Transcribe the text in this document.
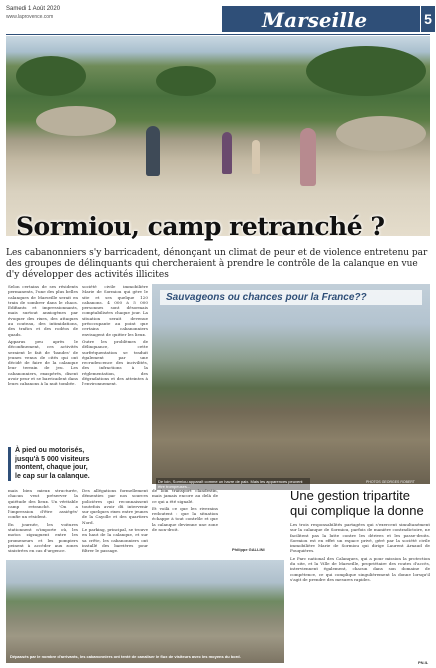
Samedi 1 Août 2020
www.laprovence.com	Marseille	5
Sormiou, camp retranché ?
Les cabanonniers s'y barricadent, dénonçant un climat de peur et de violence entretenu par des groupes de délinquants qui chercheraient à prendre le contrôle de la calanque en vue d'y développer des activités illicites

Selon certains de ses résidents permanents, l'une des plus belles calanques de Marseille serait en train de sombrer dans le chaos. Edifiants et impressionnants, mais surtout anxiogènes par évoquer des rixes, des attaques au couteau, des intimidations, des trafics et des rodéos de quads.

Apparus peu après le déconfinement, ces activités seraient le fait de 'bandes' de jeunes venus de cités qui ont décidé de faire de la calanque leur terrain de jeu. Les cabanonniers, exaspérés, disent avoir peur et se barricadent dans leurs cabanons à la nuit tombée.

société civile immobilière Marie de Sormiou qui gère le site et ses quelque 120 cabanons. 4 000 à 5 000 personnes sont désormais comptabilisées chaque jour. La situation serait devenue préoccupante au point que certains cabanonniers envisagent de quitter les lieux.

Outre les problèmes de délinquance, cette surfréquentation se traduit également par une recrudescence des incivilités, des infractions à la réglementation, des dégradations et des atteintes à l'environnement.

Sauvageons ou chances pour la France??
De loin, Sormiou apparaît comme un havre de paix. Mais les apparences peuvent être trompeuses...
PHOTOS GEORGES ROBERT
À pied ou motorisés, jusqu'à 5 000 visiteurs montent, chaque jour, le cap sur la calanque.

mais bien mieux structurée, chacun veut préserver la quiétude des lieux. Un véritable camp retranché. 'On a l'impression d'être assiégés' confie un résident.

En journée, les voitures stationnent n'importe où, les motos zigzaguent entre les promeneurs et les pompiers peinent à accéder aux zones sinistrées en cas d'urgence.

Des allégations formellement démenties par nos sources policières qui reconnaissent toutefois avoir dû intervenir sur quelques rixes entre jeunes de la Cayolle et des quartiers Nord.

Le parking, principal, se trouve en haut de la calanque, et sur sa crête, les cabanonniers ont installé des barrières pour filtrer le passage.

de loin transport clandestin, mais jamais encore au delà de ce qui a été signalé.

Et voilà ce que les riverains redoutent : que la situation échappe à tout contrôle et que la calanque devienne une zone de non-droit.

Philippe GALLINI
Une gestion tripartite qui complique la donne

Les trois responsabilités partagées qui s'exercent simultanément sur la calanque de Sormiou, parfois de manière contradictoire, ne facilitent pas la lutte contre les dérives et les passe-droits. Sormiou est en effet un espace privé, géré par la société civile immobilière Marie de Sormiou qui dirige Laurent Arnaud de Fouquières.

Le Parc national des Calanques, qui a pour mission la protection du site, et la Ville de Marseille, propriétaire des routes d'accès, interviennent également, chacun dans son domaine de compétence, ce qui complique singulièrement la donne lorsqu'il s'agit de prendre des mesures rapides.

Dépassés par le nombre d'arrivants, les cabanonniers ont tenté de canaliser le flux de visiteurs avec les moyens du bord.
PN.IL
